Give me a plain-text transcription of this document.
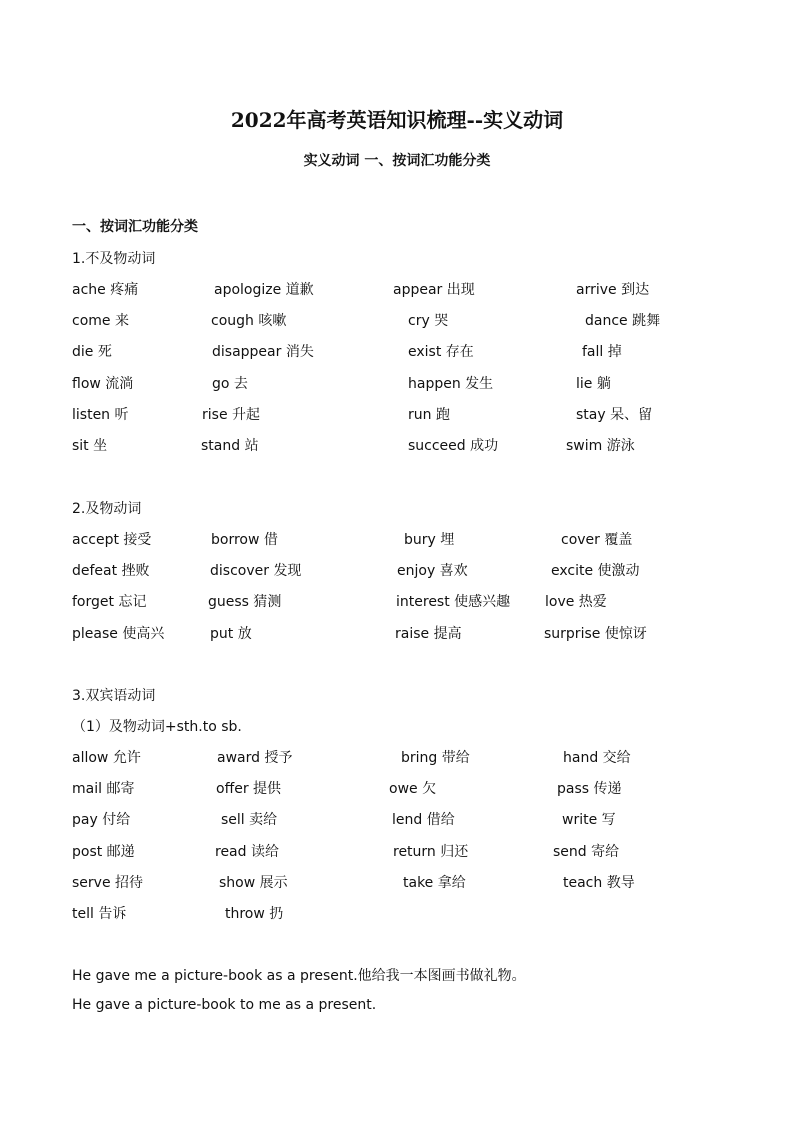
2022年高考英语知识梳理--实义动词
实义动词 一、按词汇功能分类
一、按词汇功能分类
1.不及物动词
ache 疼痛	apologize 道歉	appear 出现	arrive 到达
come 来	cough 咳嗽	cry 哭	dance 跳舞
die 死	disappear 消失	exist 存在	fall 掉
flow 流淌	go 去	happen 发生	lie 躺
listen 听	rise 升起	run 跑	stay 呆、留
sit 坐	stand 站	succeed 成功	swim 游泳
2.及物动词
accept 接受	borrow 借	bury 埋	cover 覆盖
defeat 挫败	discover 发现	enjoy 喜欢	excite 使激动
forget 忘记	guess 猜测	interest 使感兴趣 love 热爱
please 使高兴	put 放	raise 提高	surprise 使惊讶
3.双宾语动词
（1）及物动词+sth.to sb.
allow 允许	award 授予	bring 带给	hand 交给
mail 邮寄	offer 提供	owe 欠	pass 传递
pay 付给	sell 卖给	lend 借给	write 写
post 邮递	read 读给	return 归还	send 寄给
serve 招待	show 展示	take 拿给	teach 教导
tell 告诉	throw 扔
He gave me a picture-book as a present.他给我一本图画书做礼物。
He gave a picture-book to me as a present.
